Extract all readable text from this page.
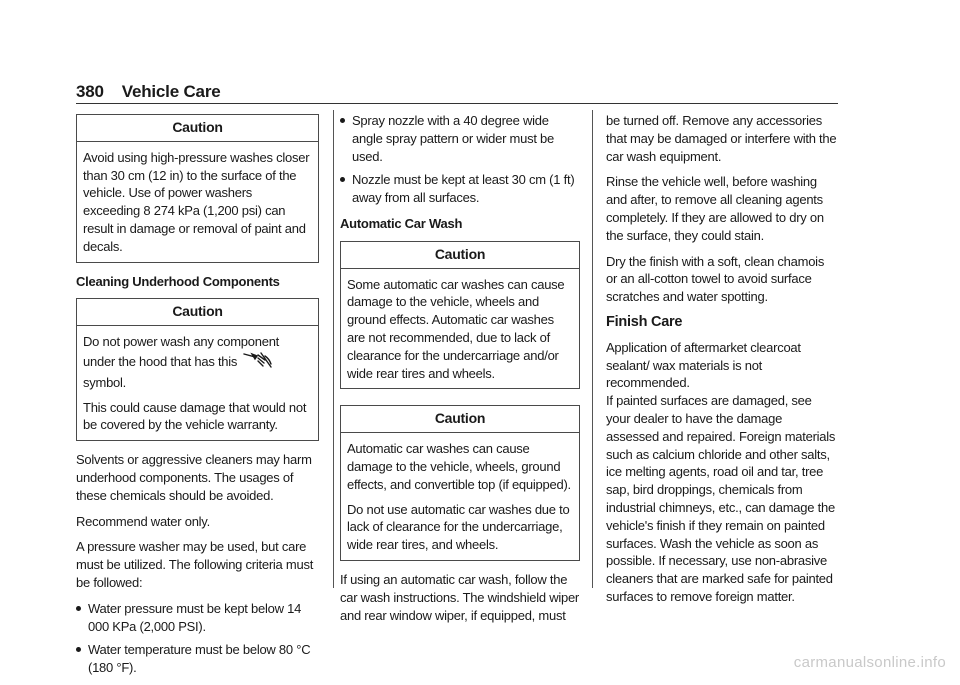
380 Vehicle Care
Caution

Avoid using high-pressure washes closer than 30 cm (12 in) to the surface of the vehicle. Use of power washers exceeding 8 274 kPa (1,200 psi) can result in damage or removal of paint and decals.

Cleaning Underhood Components

Caution

Do not power wash any component under the hood that has this
symbol.

This could cause damage that would not be covered by the vehicle warranty.

Solvents or aggressive cleaners may harm underhood components. The usages of these chemicals should be avoided.

Recommend water only.

A pressure washer may be used, but care must be utilized. The following criteria must be followed:

Water pressure must be kept below 14 000 KPa (2,000 PSI).
Water temperature must be below 80 °C (180 °F).
Spray nozzle with a 40 degree wide angle spray pattern or wider must be used.
Nozzle must be kept at least 30 cm (1 ft) away from all surfaces.

Automatic Car Wash

Caution

Some automatic car washes can cause damage to the vehicle, wheels and ground effects. Automatic car washes are not recommended, due to lack of clearance for the undercarriage and/or wide rear tires and wheels.

Caution

Automatic car washes can cause damage to the vehicle, wheels, ground effects, and convertible top (if equipped).

Do not use automatic car washes due to lack of clearance for the undercarriage, wide rear tires, and wheels.

If using an automatic car wash, follow the car wash instructions. The windshield wiper and rear window wiper, if equipped, must

be turned off. Remove any accessories that may be damaged or interfere with the car wash equipment.

Rinse the vehicle well, before washing and after, to remove all cleaning agents completely. If they are allowed to dry on the surface, they could stain.

Dry the finish with a soft, clean chamois or an all-cotton towel to avoid surface scratches and water spotting.

Finish Care

Application of aftermarket clearcoat sealant/ wax materials is not recommended.

If painted surfaces are damaged, see your dealer to have the damage assessed and repaired. Foreign materials such as calcium chloride and other salts, ice melting agents, road oil and tar, tree sap, bird droppings, chemicals from industrial chimneys, etc., can damage the vehicle's finish if they remain on painted surfaces. Wash the vehicle as soon as possible. If necessary, use non-abrasive cleaners that are marked safe for painted surfaces to remove foreign matter.

carmanualsonline.info
